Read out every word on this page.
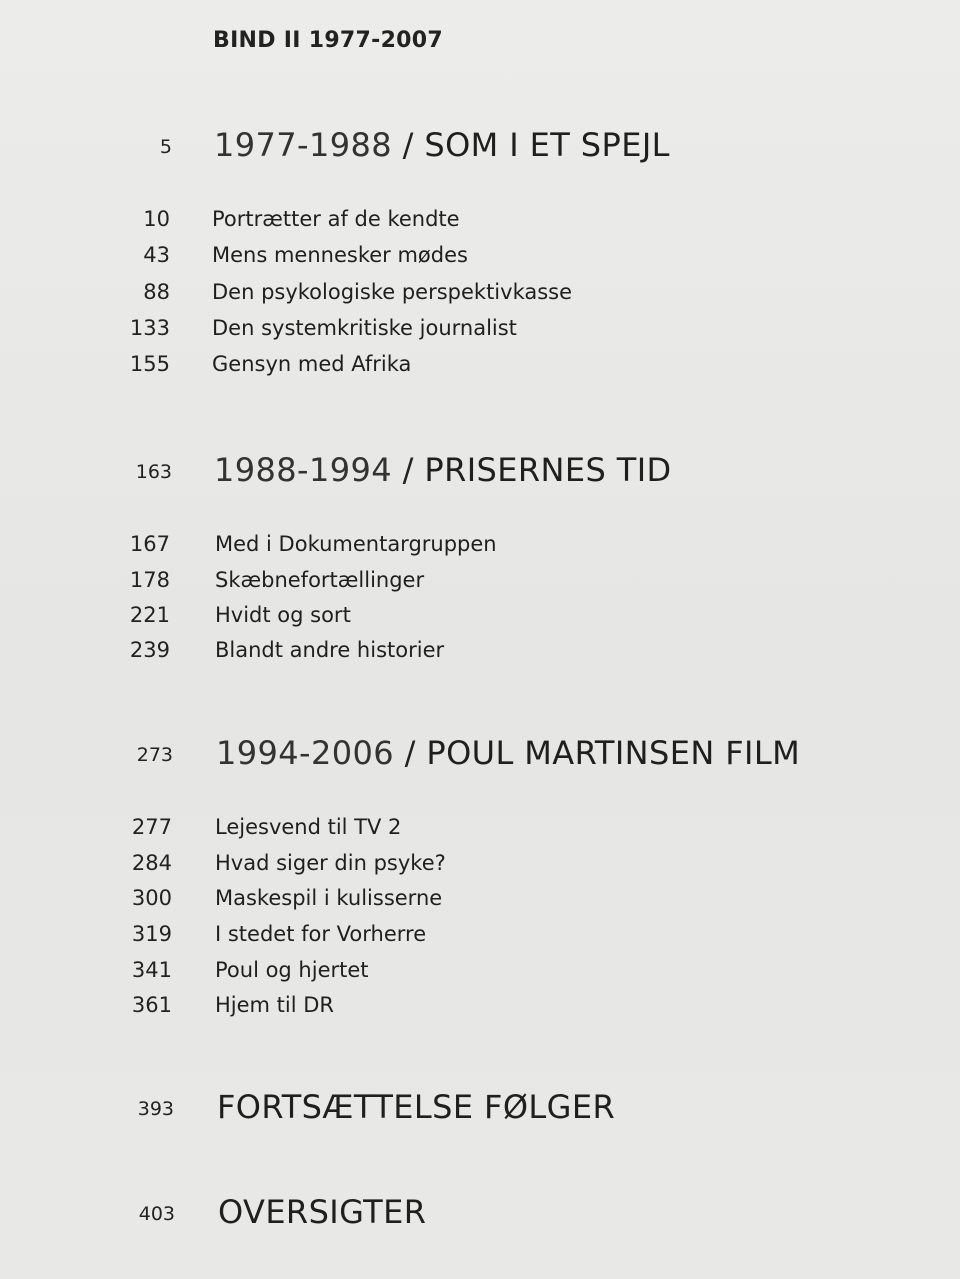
BIND II 1977-2007
5 1977-1988 / SOM I ET SPEJL
10 Portrætter af de kendte
43 Mens mennesker mødes
88 Den psykologiske perspektivkasse
133 Den systemkritiske journalist
155 Gensyn med Afrika
163 1988-1994 / PRISERNES TID
167 Med i Dokumentargruppen
178 Skæbnefortællinger
221 Hvidt og sort
239 Blandt andre historier
273 1994-2006 / POUL MARTINSEN FILM
277 Lejesvend til TV 2
284 Hvad siger din psyke?
300 Maskespil i kulisserne
319 I stedet for Vorherre
341 Poul og hjertet
361 Hjem til DR
393 FORTSÆTTELSE FØLGER
403 OVERSIGTER
